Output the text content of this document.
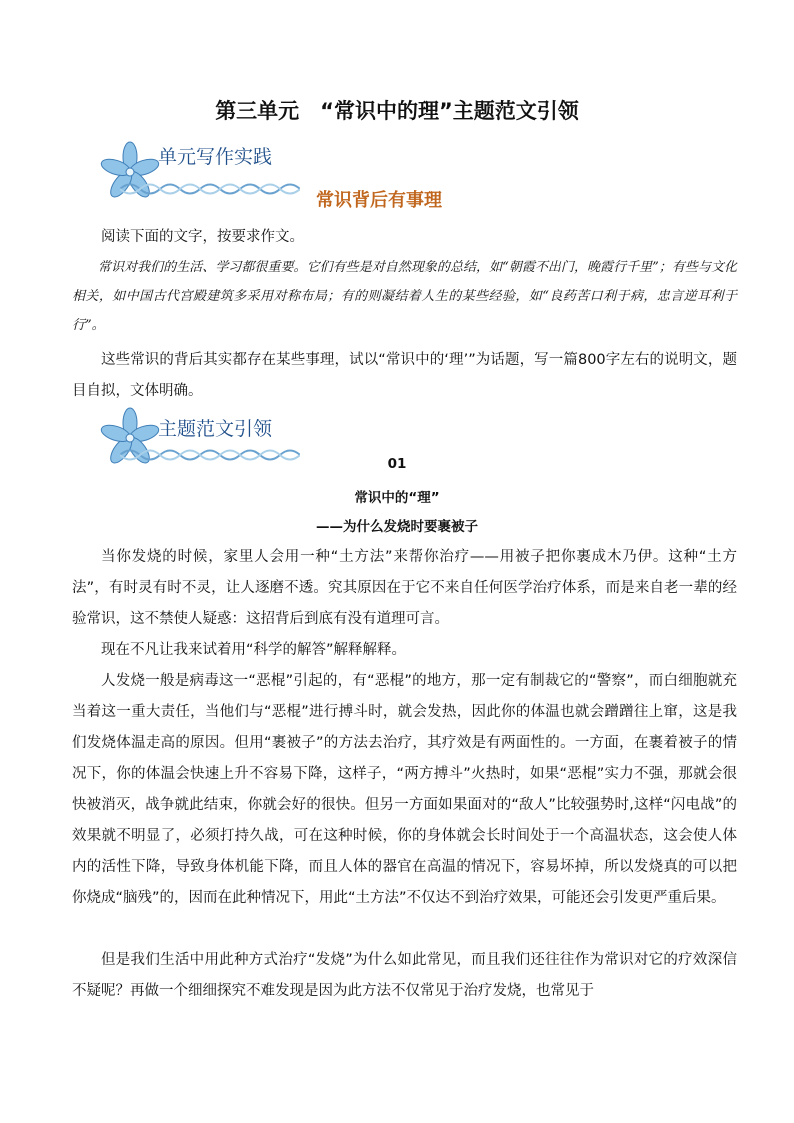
第三单元　“常识中的理”主题范文引领
单元写作实践
常识背后有事理

阅读下面的文字，按要求作文。

常识对我们的生活、学习都很重要。它们有些是对自然现象的总结，如“朝霞不出门，晚霞行千里”；有些与文化相关，如中国古代宫殿建筑多采用对称布局；有的则凝结着人生的某些经验，如“良药苦口利于病，忠言逆耳利于行”。

这些常识的背后其实都存在某些事理，试以“常识中的‘理’”为话题，写一篇800字左右的说明文，题目自拟，文体明确。

主题范文引领
01
常识中的“理”
——为什么发烧时要裹被子

当你发烧的时候，家里人会用一种“土方法”来帮你治疗——用被子把你裹成木乃伊。这种“土方法”，有时灵有时不灵，让人逐磨不透。究其原因在于它不来自任何医学治疗体系，而是来自老一辈的经验常识，这不禁使人疑惑：这招背后到底有没有道理可言。

现在不凡让我来试着用“科学的解答”解释解释。

人发烧一般是病毒这一“恶棍”引起的，有“恶棍”的地方，那一定有制裁它的“警察”，而白细胞就充当着这一重大责任，当他们与“恶棍”进行搏斗时，就会发热，因此你的体温也就会蹭蹭往上窜，这是我们发烧体温走高的原因。但用“裹被子”的方法去治疗，其疗效是有两面性的。一方面，在裹着被子的情况下，你的体温会快速上升不容易下降，这样子，“两方搏斗”火热时，如果“恶棍”实力不强，那就会很快被消灭，战争就此结束，你就会好的很快。但另一方面如果面对的“敌人”比较强势时,这样“闪电战”的效果就不明显了，必须打持久战，可在这种时候，你的身体就会长时间处于一个高温状态，这会使人体内的活性下降，导致身体机能下降，而且人体的器官在高温的情况下，容易坏掉，所以发烧真的可以把你烧成“脑残”的，因而在此种情况下，用此“土方法”不仅达不到治疗效果，可能还会引发更严重后果。

但是我们生活中用此种方式治疗“发烧”为什么如此常见，而且我们还往往作为常识对它的疗效深信不疑呢？再做一个细细探究不难发现是因为此方法不仅常见于治疗发烧，也常见于
